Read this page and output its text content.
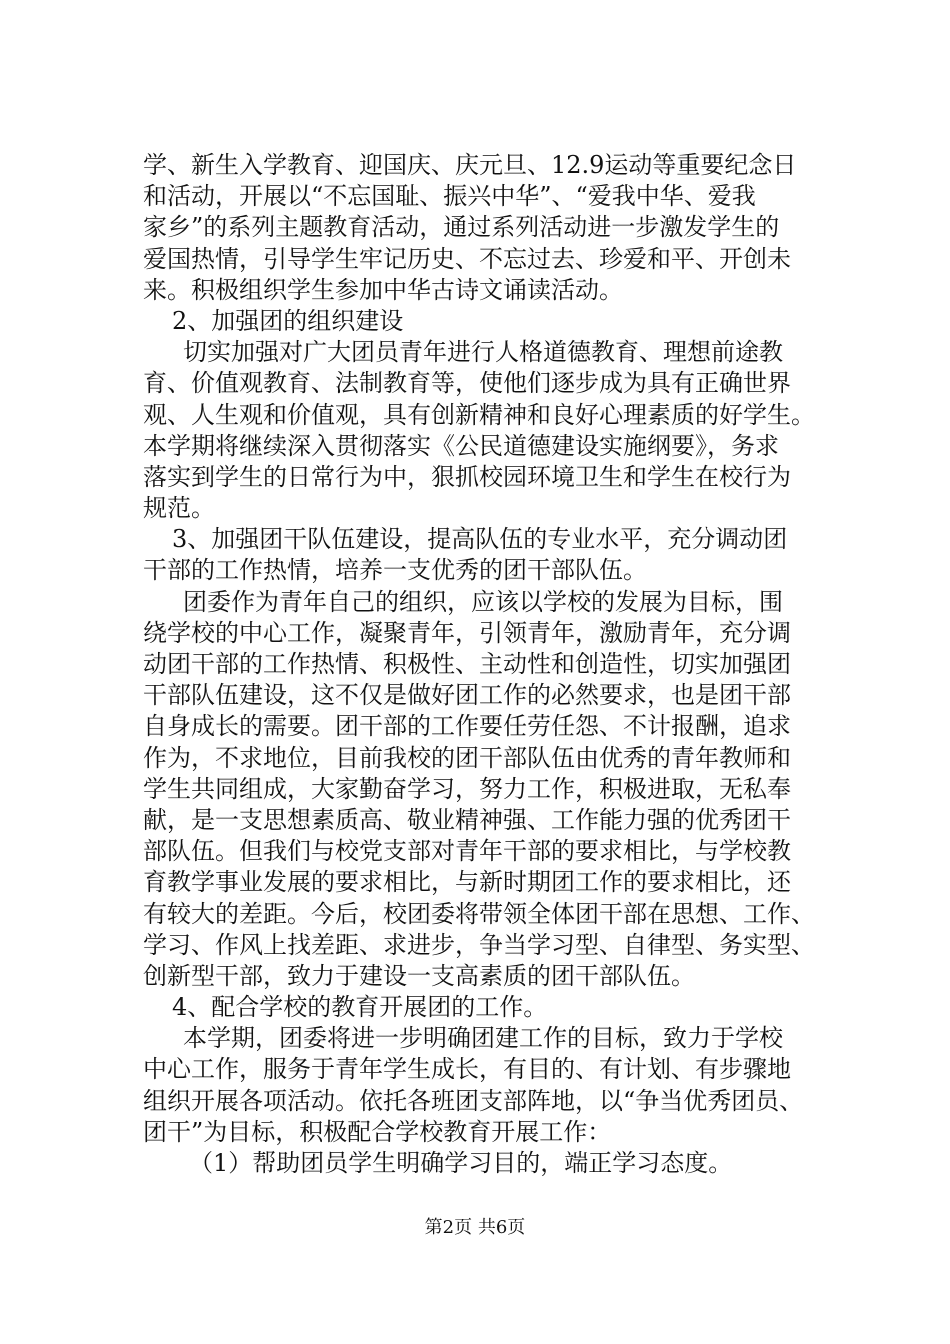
学、新生入学教育、迎国庆、庆元旦、12.9运动等重要纪念日
和活动，开展以“不忘国耻、振兴中华”、“爱我中华、爱我
家乡”的系列主题教育活动，通过系列活动进一步激发学生的
爱国热情，引导学生牢记历史、不忘过去、珍爱和平、开创未
来。积极组织学生参加中华古诗文诵读活动。
2、加强团的组织建设
切实加强对广大团员青年进行人格道德教育、理想前途教
育、价值观教育、法制教育等，使他们逐步成为具有正确世界
观、人生观和价值观，具有创新精神和良好心理素质的好学生。
本学期将继续深入贯彻落实《公民道德建设实施纲要》，务求
落实到学生的日常行为中，狠抓校园环境卫生和学生在校行为
规范。
3、加强团干队伍建设，提高队伍的专业水平，充分调动团
干部的工作热情，培养一支优秀的团干部队伍。
团委作为青年自己的组织，应该以学校的发展为目标，围
绕学校的中心工作，凝聚青年，引领青年，激励青年，充分调
动团干部的工作热情、积极性、主动性和创造性，切实加强团
干部队伍建设，这不仅是做好团工作的必然要求，也是团干部
自身成长的需要。团干部的工作要任劳任怨、不计报酬，追求
作为，不求地位，目前我校的团干部队伍由优秀的青年教师和
学生共同组成，大家勤奋学习，努力工作，积极进取，无私奉
献，是一支思想素质高、敬业精神强、工作能力强的优秀团干
部队伍。但我们与校党支部对青年干部的要求相比，与学校教
育教学事业发展的要求相比，与新时期团工作的要求相比，还
有较大的差距。今后，校团委将带领全体团干部在思想、工作、
学习、作风上找差距、求进步，争当学习型、自律型、务实型、
创新型干部，致力于建设一支高素质的团干部队伍。
4、配合学校的教育开展团的工作。
本学期，团委将进一步明确团建工作的目标，致力于学校
中心工作，服务于青年学生成长，有目的、有计划、有步骤地
组织开展各项活动。依托各班团支部阵地，以“争当优秀团员、
团干”为目标，积极配合学校教育开展工作：
（1）帮助团员学生明确学习目的，端正学习态度。
第2页 共6页
